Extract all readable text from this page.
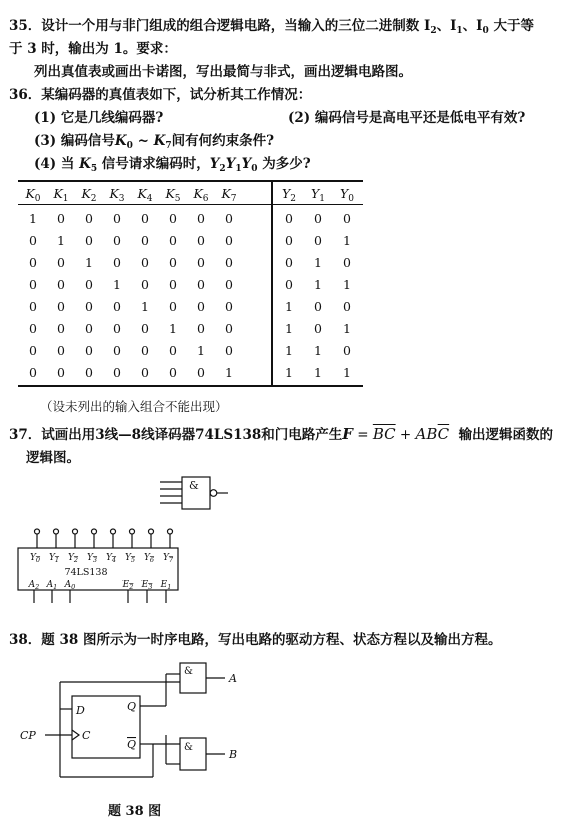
35．设计一个用与非门组成的组合逻辑电路，当输入的三位二进制数 $I_2$、$I_1$、$I_0$ 大于等
于 3 时，输出为 1。要求：
列出真值表或画出卡诺图，写出最简与非式，画出逻辑电路图。
36．某编码器的真值表如下，试分析其工作情况：
(1) 它是几线编码器?	(2) 编码信号是高电平还是低电平有效?
(3) 编码信号$K_0$ ~ $K_7$间有何约束条件?
(4) 当 $K_5$ 信号请求编码时，$Y_2Y_1Y_0$ 为多少?
$K_0$	$K_1$	$K_2$	$K_3$	$K_4$	$K_5$	$K_6$	$K_7$	$Y_2$	$Y_1$	$Y_0$
1	0	0	0	0	0	0	0	0	0	0
0	1	0	0	0	0	0	0	0	0	1
0	0	1	0	0	0	0	0	0	1	0
0	0	0	1	0	0	0	0	0	1	1
0	0	0	0	1	0	0	0	1	0	0
0	0	0	0	0	1	0	0	1	0	1
0	0	0	0	0	0	1	0	1	1	0
0	0	0	0	0	0	0	1	1	1	1
（设未列出的输入组合不能出现）
37．试画出用3线—8线译码器74LS138和门电路产生$F = \overline{BC} + AB\overline{C}$ 输出逻辑函数的
逻辑图。
&
$Y_0$ $Y_1$ $Y_2$ $Y_3$ $Y_4$ $Y_5$ $Y_6$ $Y_7$
$A_2$ $A_1$ $A_0$	$E_2$ $E_3$ $E_1$
74LS138
38．题 38 图所示为一时序电路，写出电路的驱动方程、状态方程以及输出方程。
D
C
Q
Q
CP
A
B
&
&
题 38 图
